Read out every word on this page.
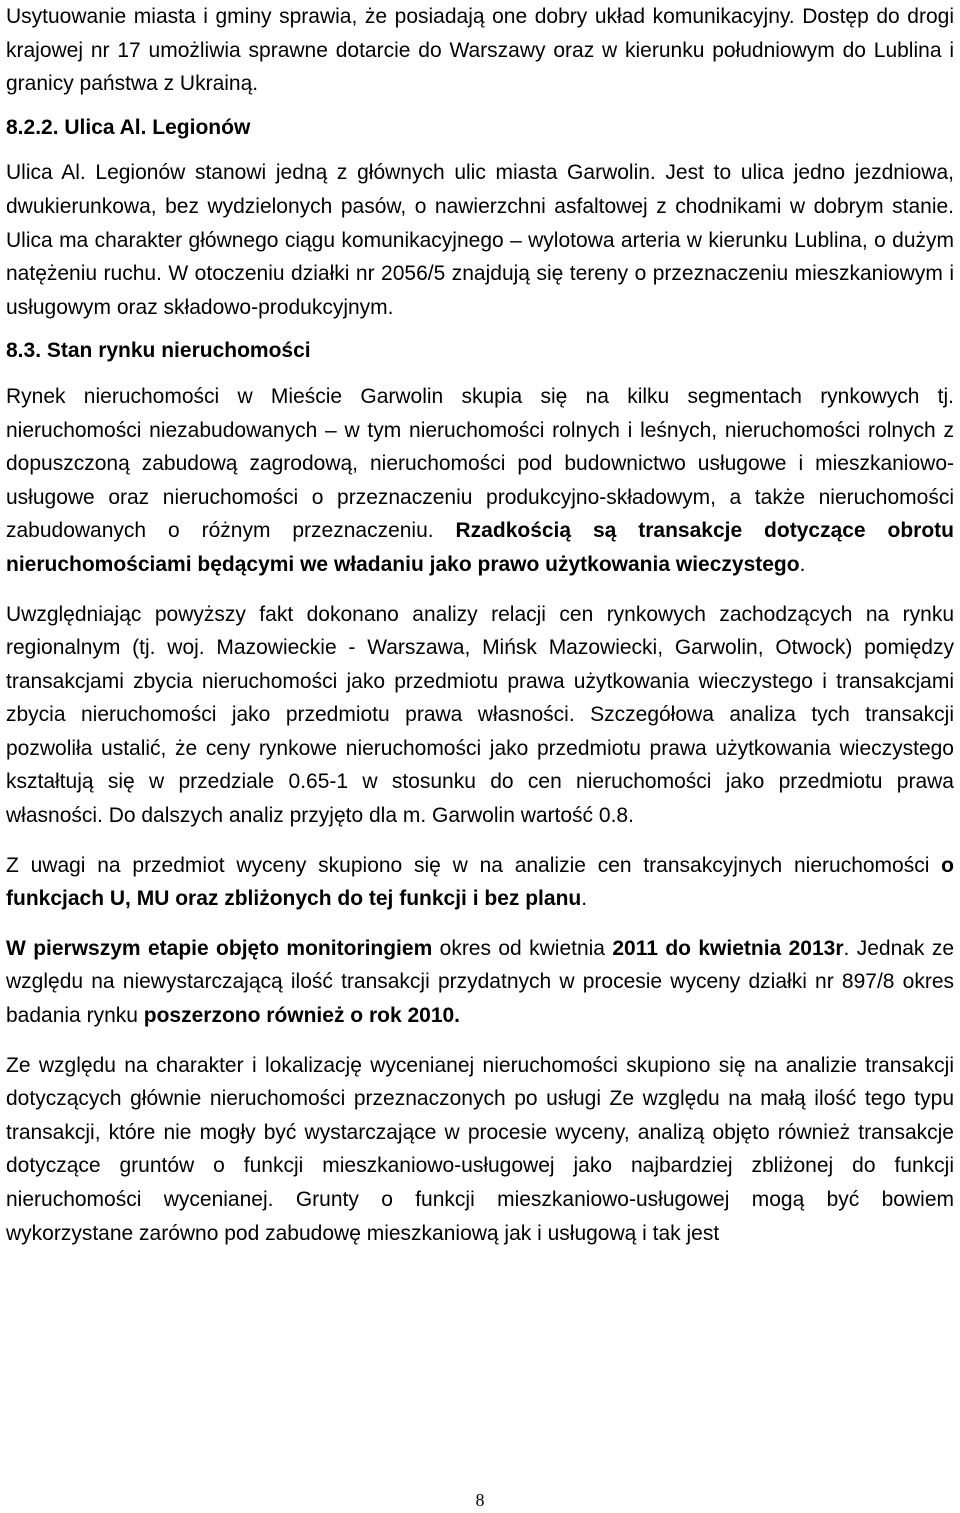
Usytuowanie miasta i gminy sprawia, że posiadają one dobry układ komunikacyjny. Dostęp do drogi krajowej nr 17 umożliwia sprawne dotarcie do Warszawy oraz w kierunku południowym do Lublina i granicy państwa z Ukrainą.

8.2.2. Ulica Al. Legionów

Ulica Al. Legionów stanowi jedną z głównych ulic miasta Garwolin. Jest to ulica jedno jezdniowa, dwukierunkowa, bez wydzielonych pasów, o nawierzchni asfaltowej z chodnikami w dobrym stanie. Ulica ma charakter głównego ciągu komunikacyjnego – wylotowa arteria w kierunku Lublina, o dużym natężeniu ruchu. W otoczeniu działki nr 2056/5 znajdują się tereny o przeznaczeniu mieszkaniowym i usługowym oraz składowo-produkcyjnym.

8.3. Stan rynku nieruchomości

Rynek nieruchomości w Mieście Garwolin skupia się na kilku segmentach rynkowych tj. nieruchomości niezabudowanych – w tym nieruchomości rolnych i leśnych, nieruchomości rolnych z dopuszczoną zabudową zagrodową, nieruchomości pod budownictwo usługowe i mieszkaniowo-usługowe oraz nieruchomości o przeznaczeniu produkcyjno-składowym, a także nieruchomości zabudowanych o różnym przeznaczeniu. Rzadkością są transakcje dotyczące obrotu nieruchomościami będącymi we władaniu jako prawo użytkowania wieczystego.

Uwzględniając powyższy fakt dokonano analizy relacji cen rynkowych zachodzących na rynku regionalnym (tj. woj. Mazowieckie - Warszawa, Mińsk Mazowiecki, Garwolin, Otwock) pomiędzy transakcjami zbycia nieruchomości jako przedmiotu prawa użytkowania wieczystego i transakcjami zbycia nieruchomości jako przedmiotu prawa własności. Szczegółowa analiza tych transakcji pozwoliła ustalić, że ceny rynkowe nieruchomości jako przedmiotu prawa użytkowania wieczystego kształtują się w przedziale 0.65-1 w stosunku do cen nieruchomości jako przedmiotu prawa własności. Do dalszych analiz przyjęto dla m. Garwolin wartość 0.8.

Z uwagi na przedmiot wyceny skupiono się w na analizie cen transakcyjnych nieruchomości o funkcjach U, MU oraz zbliżonych do tej funkcji i bez planu.

W pierwszym etapie objęto monitoringiem okres od kwietnia 2011 do kwietnia 2013r. Jednak ze względu na niewystarczającą ilość transakcji przydatnych w procesie wyceny działki nr 897/8 okres badania rynku poszerzono również o rok 2010.

Ze względu na charakter i lokalizację wycenianej nieruchomości skupiono się na analizie transakcji dotyczących głównie nieruchomości przeznaczonych po usługi Ze względu na małą ilość tego typu transakcji, które nie mogły być wystarczające w procesie wyceny, analizą objęto również transakcje dotyczące gruntów o funkcji mieszkaniowo-usługowej jako najbardziej zbliżonej do funkcji nieruchomości wycenianej. Grunty o funkcji mieszkaniowo-usługowej mogą być bowiem wykorzystane zarówno pod zabudowę mieszkaniową jak i usługową i tak jest

8
